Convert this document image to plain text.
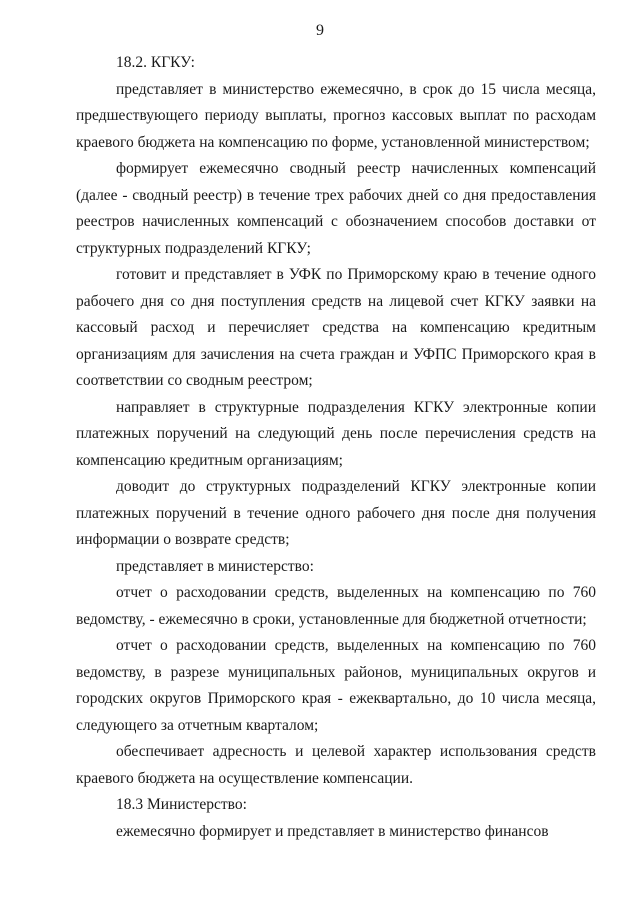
9

18.2. КГКУ:

представляет в министерство ежемесячно, в срок до 15 числа месяца, предшествующего периоду выплаты, прогноз кассовых выплат по расходам краевого бюджета на компенсацию по форме, установленной министерством;

формирует ежемесячно сводный реестр начисленных компенсаций (далее - сводный реестр) в течение трех рабочих дней со дня предоставления реестров начисленных компенсаций с обозначением способов доставки от структурных подразделений КГКУ;

готовит и представляет в УФК по Приморскому краю в течение одного рабочего дня со дня поступления средств на лицевой счет КГКУ заявки на кассовый расход и перечисляет средства на компенсацию кредитным организациям для зачисления на счета граждан и УФПС Приморского края в соответствии со сводным реестром;

направляет в структурные подразделения КГКУ электронные копии платежных поручений на следующий день после перечисления средств на компенсацию кредитным организациям;

доводит до структурных подразделений КГКУ электронные копии платежных поручений в течение одного рабочего дня после дня получения информации о возврате средств;

представляет в министерство:

отчет о расходовании средств, выделенных на компенсацию по 760 ведомству, - ежемесячно в сроки, установленные для бюджетной отчетности;

отчет о расходовании средств, выделенных на компенсацию по 760 ведомству, в разрезе муниципальных районов, муниципальных округов и городских округов Приморского края - ежеквартально, до 10 числа месяца, следующего за отчетным кварталом;

обеспечивает адресность и целевой характер использования средств краевого бюджета на осуществление компенсации.

18.3 Министерство:

ежемесячно формирует и представляет в министерство финансов
